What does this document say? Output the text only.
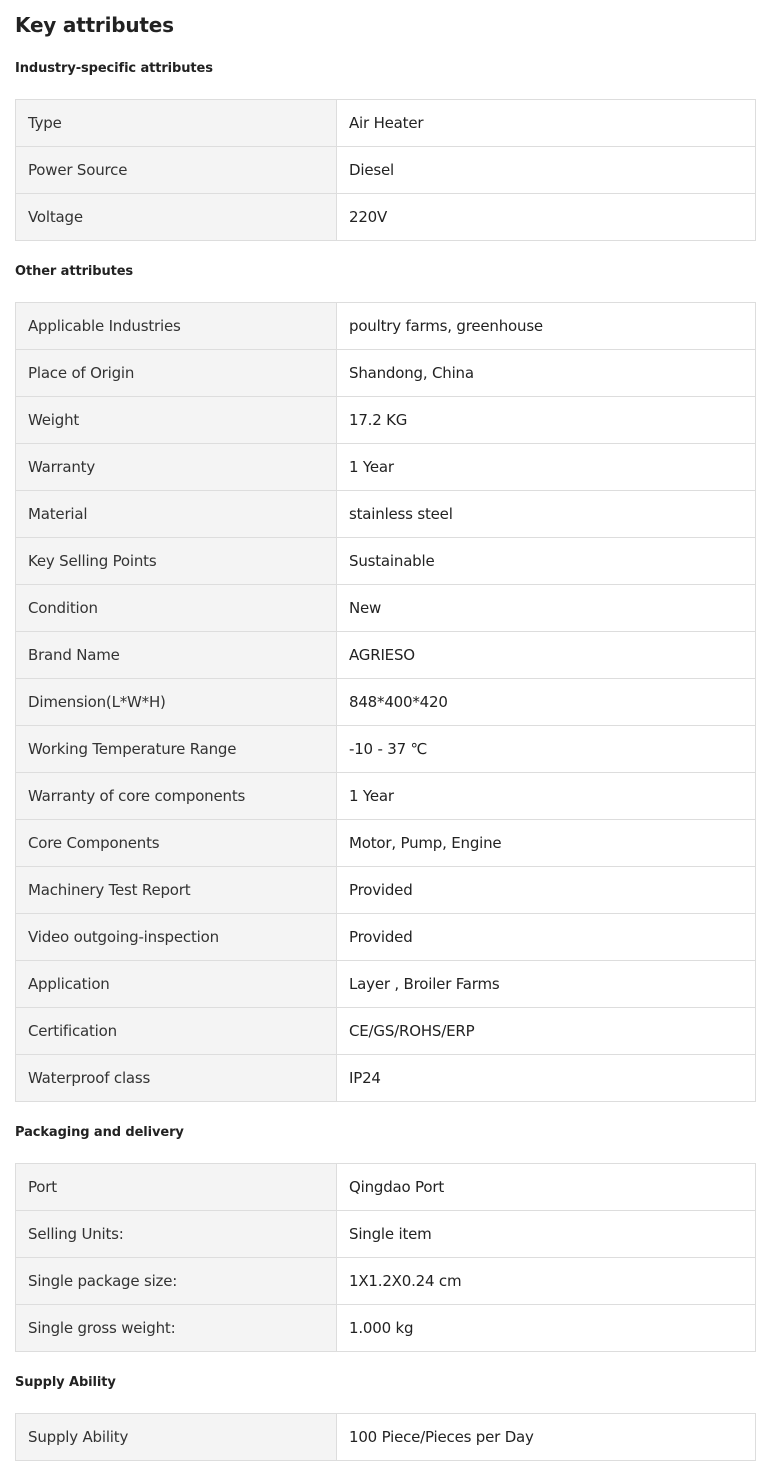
Key attributes
Industry-specific attributes
Type	Air Heater
Power Source	Diesel
Voltage	220V
Other attributes
Applicable Industries	poultry farms, greenhouse
Place of Origin	Shandong, China
Weight	17.2 KG
Warranty	1 Year
Material	stainless steel
Key Selling Points	Sustainable
Condition	New
Brand Name	AGRIESO
Dimension(L*W*H)	848*400*420
Working Temperature Range	-10 - 37 ℃
Warranty of core components	1 Year
Core Components	Motor, Pump, Engine
Machinery Test Report	Provided
Video outgoing-inspection	Provided
Application	Layer , Broiler Farms
Certification	CE/GS/ROHS/ERP
Waterproof class	IP24
Packaging and delivery
Port	Qingdao Port
Selling Units:	Single item
Single package size:	1X1.2X0.24 cm
Single gross weight:	1.000 kg
Supply Ability
Supply Ability	100 Piece/Pieces per Day
